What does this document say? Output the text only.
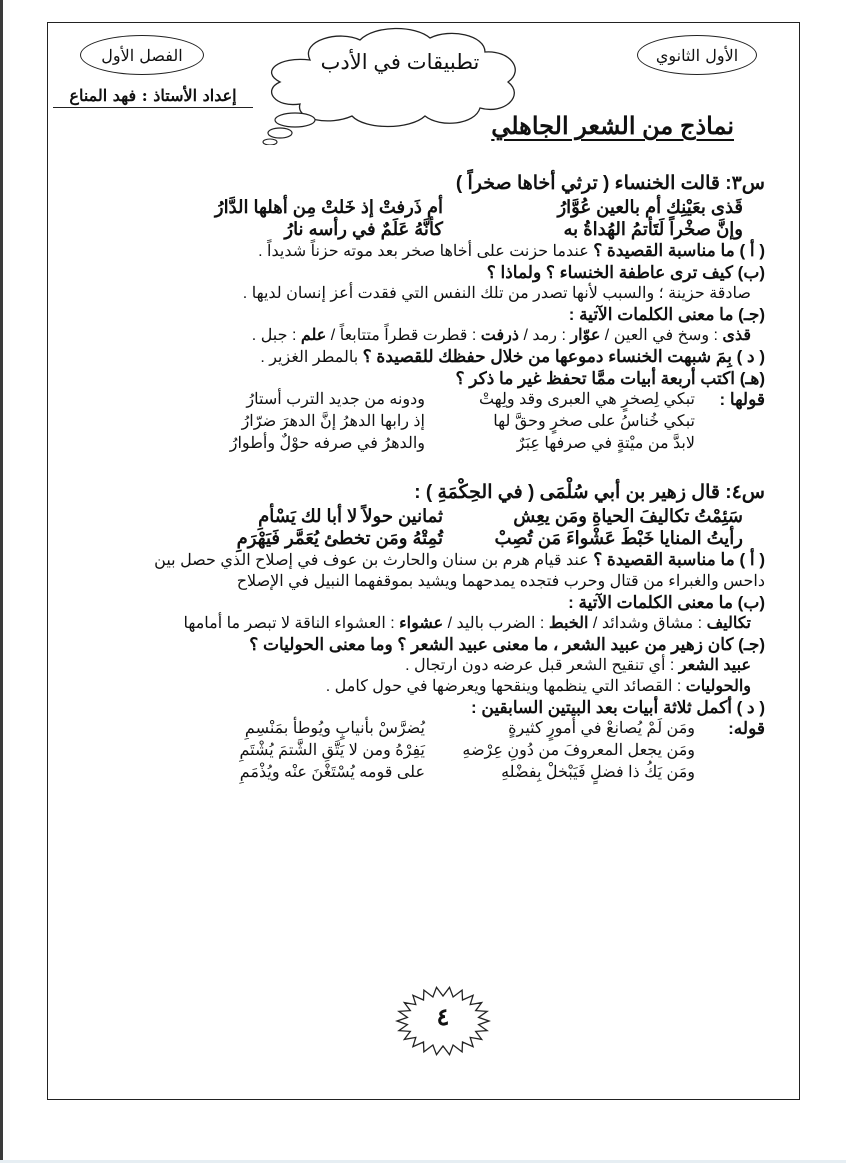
الفصل الأول	الأول الثانوي
تطبيقات في الأدب
إعداد الأستاذ : فهد المناع
نماذج من الشعر الجاهلي
س٣: قالت الخنساء ( ترثي أخاها صخراً )
قَذى بعَيْنِك أم بالعين عُوَّارُ
أم ذَرفتْ إذ خَلتْ مِن أهلها الدَّارُ
وإنَّ صخْراً لَتَأتمُ الهُداةُ به
كأنَّهُ عَلَمٌ في رأسه نارُ
( أ ) ما مناسبة القصيدة ؟ عندما حزنت على أخاها صخر بعد موته حزناً شديداً .
(ب) كيف ترى عاطفة الخنساء ؟ ولماذا ؟
صادقة حزينة ؛ والسبب لأنها تصدر من تلك النفس التي فقدت أعز إنسان لديها .
(جـ) ما معنى الكلمات الآتية :
قذى : وسخ في العين / عوّار : رمد / ذرفت : قطرت قطراً متتابعاً / علم : جبل .
( د ) بِمَ شبهت الخنساء دموعها من خلال حفظك للقصيدة ؟ بالمطر الغزير .
(هـ) اكتب أربعة أبيات ممَّا تحفظ غير ما ذكر ؟
قولها :
تبكي لِصخرٍ هي العبرى وقد ولِهتْ
ودونه من جديد الترب أستارُ
تبكي خُناسُ على صخرٍ وحقَّ لها
إذ رابها الدهرُ إنَّ الدهرَ ضرّارُ
لابدَّ من ميْتةٍ في صرفها عِبَرٌ
والدهرُ في صرفه حوْلٌ وأطوارُ
س٤: قال زهير بن أبي سُلْمَى ( في الحِكْمَةِ ) :
سَئِمْتُ تكاليفَ الحياةِ ومَن يعِش
ثمانين حولاً لا أبا لك يَسْأمِ
رأيتُ المنايا خَبْطَ عَشْواءَ مَن تُصِبْ
تُمِتْهُ ومَن تخطئ يُعَمَّر فَيَهْرَمِ
( أ ) ما مناسبة القصيدة ؟ عند قيام هرم بن سنان والحارث بن عوف في إصلاح الذي حصل بين
داحس والغبراء من قتال وحرب فتجده يمدحهما ويشيد بموقفهما النبيل في الإصلاح
(ب) ما معنى الكلمات الآتية :
تكاليف : مشاق وشدائد / الخبط : الضرب باليد / عشواء : العشواء الناقة لا تبصر ما أمامها
(جـ) كان زهير من عبيد الشعر ، ما معنى عبيد الشعر ؟ وما معنى الحوليات ؟
عبيد الشعر : أي تنقيح الشعر قبل عرضه دون ارتجال .
والحوليات : القصائد التي ينظمها وينقحها ويعرضها في حول كامل .
( د ) أكمل ثلاثة أبيات بعد البيتين السابقين :
قوله:
ومَن لَمْ يُصانعْ في أمورٍ كثيرةٍ
يُضرَّسْ بأنيابٍ ويُوطأ بمَنْسِمِ
ومَن يجعل المعروفَ من دُونِ عِرْضهِ
يَفِرْهُ ومن لا يَتَّقِ الشَّتمَ يُشْتَمِ
ومَن يَكُ ذا فضلٍ فَيَبْخلْ بِفضْلهِ
على قومه يُسْتَغْنَ عنْه ويُذْمَمِ
٤
